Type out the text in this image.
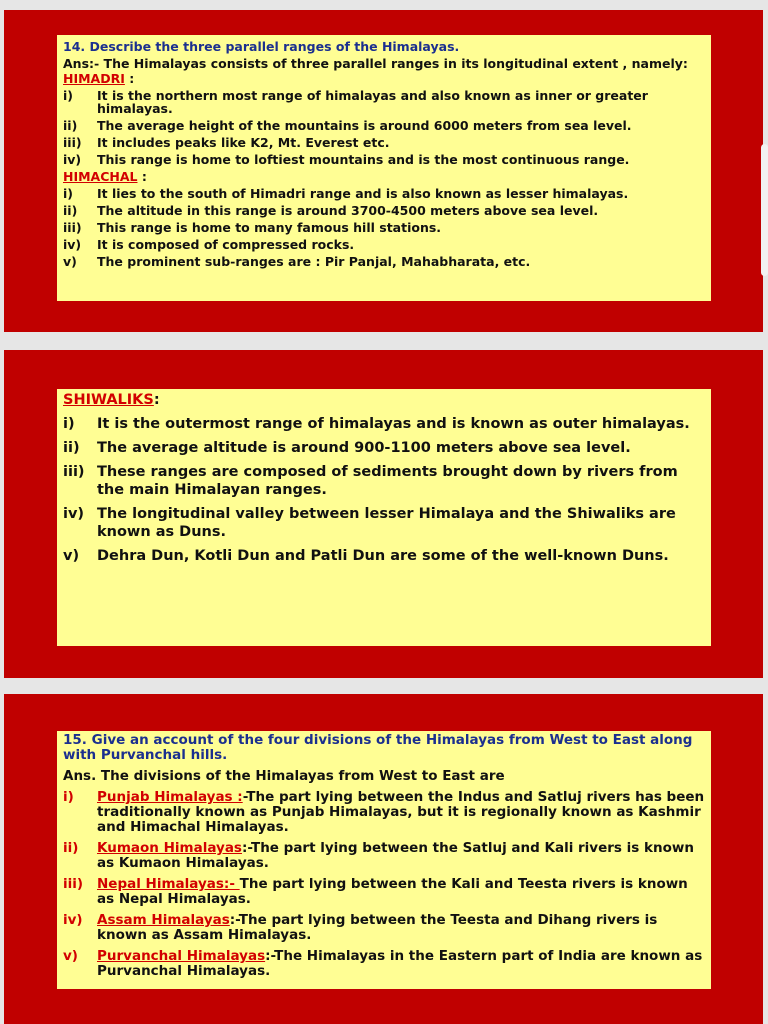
14. Describe the three parallel ranges of the Himalayas.
Ans:- The Himalayas consists of three parallel ranges in its longitudinal extent , namely:
HIMADRI :
i)	It is the northern most range of himalayas and also known as inner or greater himalayas.
ii)	The average height of the mountains is around 6000 meters from sea level.
iii)	It includes peaks like K2, Mt. Everest etc.
iv)	This range is home to loftiest mountains and is the most continuous range.
HIMACHAL :
i)	It lies to the south of Himadri range and is also known as lesser himalayas.
ii)	The altitude in this range is around 3700-4500 meters above sea level.
iii)	This range is home to many famous hill stations.
iv)	It is composed of compressed rocks.
v)	The prominent sub-ranges are : Pir Panjal, Mahabharata, etc.
SHIWALIKS:
i)	It is the outermost range of himalayas and is known as outer himalayas.
ii)	The average altitude is around 900-1100 meters above sea level.
iii) These ranges are composed of sediments brought down by rivers from the main Himalayan ranges.
iv) The longitudinal valley between lesser Himalaya and the Shiwaliks are known as Duns.
v)	Dehra Dun, Kotli Dun and Patli Dun are some of the well-known Duns.
15. Give an account of the four divisions of the Himalayas from West to East along with Purvanchal hills.
Ans. The divisions of the Himalayas from West to East are
i)	Punjab Himalayas :-The part lying between the Indus and Satluj rivers has been traditionally known as Punjab Himalayas, but it is regionally known as Kashmir and Himachal Himalayas.
ii)	Kumaon Himalayas:-The part lying between the Satluj and Kali rivers is known as Kumaon Himalayas.
iii)	Nepal Himalayas:- The part lying between the Kali and Teesta rivers is known as Nepal Himalayas.
iv)	Assam Himalayas:-The part lying between the Teesta and Dihang rivers is known as Assam Himalayas.
v)	Purvanchal Himalayas:-The Himalayas in the Eastern part of India are known as Purvanchal Himalayas.
